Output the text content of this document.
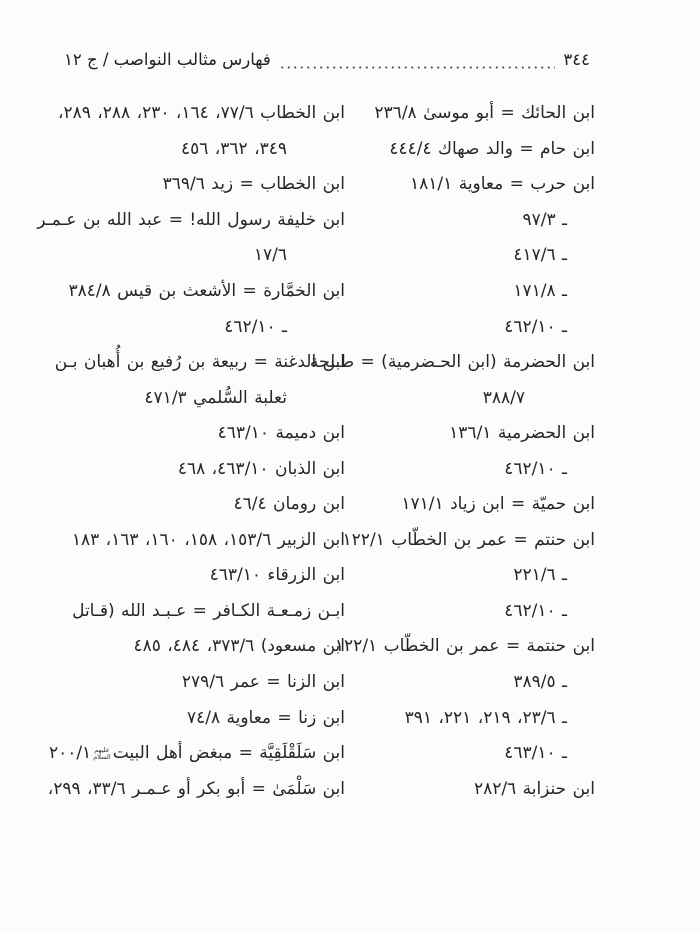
٣٤٤
فهارس مثالب النواصب / ج ١٢
ابن الحائك = أبو موسىٰ ٢٣٦/٨
ابن حام = والد صهاك ٤٤٤/٤
ابن حرب = معاوية ١٨١/١
ـ ٩٧/٣
ـ ٤١٧/٦
ـ ١٧١/٨
ـ ٤٦٢/١٠
ابن الحضرمة (ابن الحـضرمية) = طـلحة
٣٨٨/٧
ابن الحضرمية ١٣٦/١
ـ ٤٦٢/١٠
ابن حميّة = ابن زياد ١٧١/١
ابن حنتم = عمر بن الخطّاب ١٢٢/١
ـ ٢٢١/٦
ـ ٤٦٢/١٠
ابن حنتمة = عمر بن الخطّاب ١٢٢/١
ـ ٣٨٩/٥
ـ ٢٣/٦، ٢١٩، ٢٢١، ٣٩١
ـ ٤٦٣/١٠
ابن حنزابة ٢٨٢/٦
ابن الخطاب ٧٧/٦، ١٦٤، ٢٣٠، ٢٨٨، ٢٨٩،
٣٤٩، ٣٦٢، ٤٥٦
ابن الخطاب = زيد ٣٦٩/٦
ابن خليفة رسول الله! = عبد الله بن عـمـر
١٧/٦
ابن الخمَّارة = الأشعث بن قيس ٣٨٤/٨
ـ ٤٦٢/١٠
ابن الدغنة = ربيعة بن رُفيع بن أُهبان بـن
ثعلبة السُّلمي ٤٧١/٣
ابن دميمة ٤٦٣/١٠
ابن الذبان ٤٦٣/١٠، ٤٦٨
ابن رومان ٤٦/٤
ابن الزبير ١٥٣/٦، ١٥٨، ١٦٠، ١٦٣، ١٨٣
ابن الزرقاء ٤٦٣/١٠
ابـن زمـعـة الكـافر = عـبـد الله (قـاتل
ابن مسعود) ٣٧٣/٦، ٤٨٤، ٤٨٥
ابن الزنا = عمر ٢٧٩/٦
ابن زنا = معاوية ٧٤/٨
ابن سَلَقْلَقِيَّة = مبغض أهل البيت
عليهم
السلام
٢٠٠/١
ابن سَلْمَىٰ = أبو بكر أو عـمـر ٣٣/٦، ٢٩٩،
